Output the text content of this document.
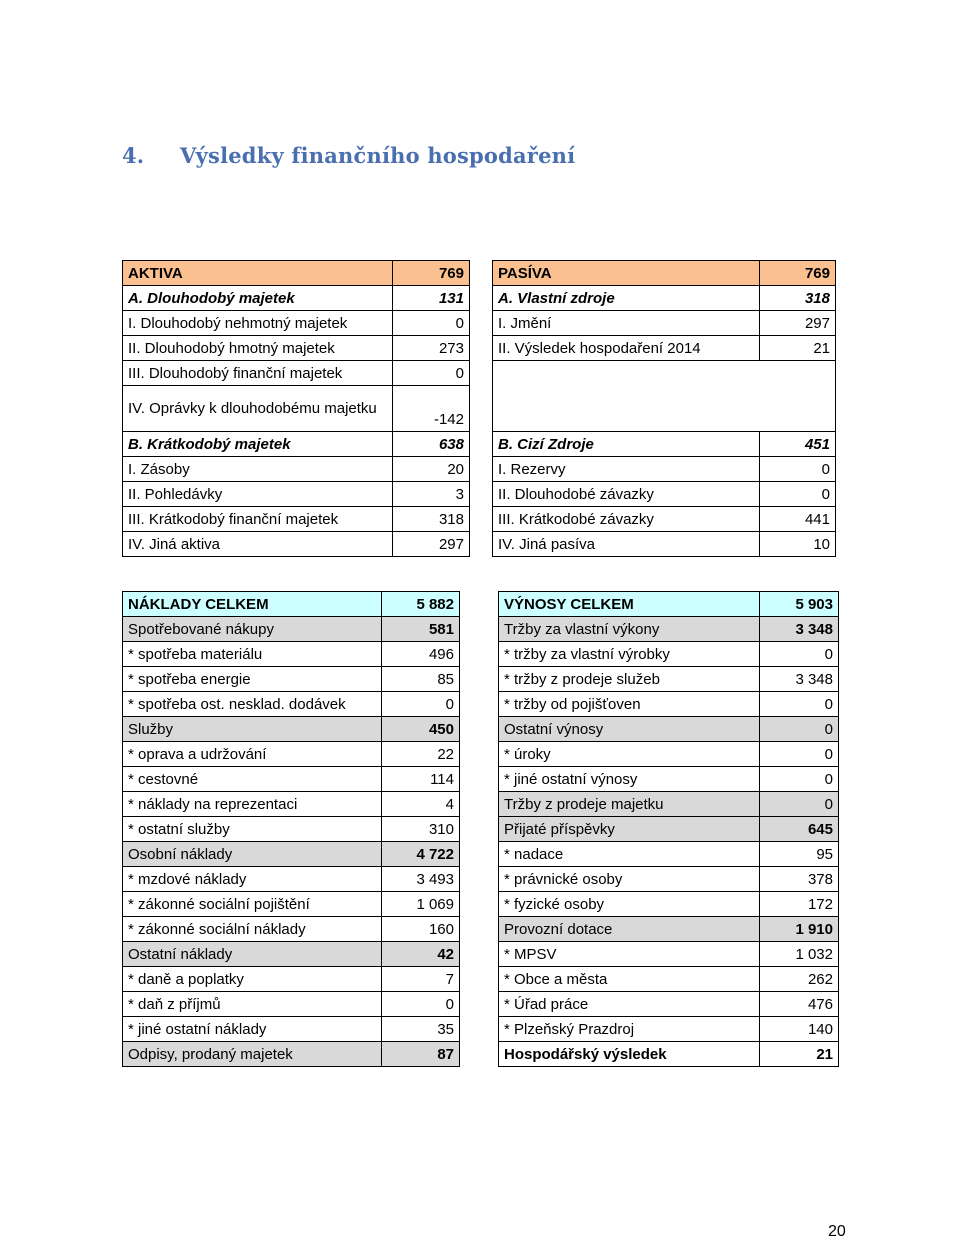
4. Výsledky finančního hospodaření
AKTIVA	769		PASÍVA	769
A. Dlouhodobý majetek	131		A. Vlastní zdroje	318
I. Dlouhodobý nehmotný majetek	0		I. Jmění	297
II. Dlouhodobý hmotný majetek	273		II. Výsledek hospodaření 2014	21
III. Dlouhodobý finanční majetek	0			
IV. Oprávky k dlouhodobému majetku	-142			
B. Krátkodobý majetek	638		B. Cizí Zdroje	451
I. Zásoby	20		I. Rezervy	0
II. Pohledávky	3		II. Dlouhodobé závazky	0
III. Krátkodobý finanční majetek	318		III. Krátkodobé závazky	441
IV. Jiná aktiva	297		IV. Jiná pasíva	10
NÁKLADY CELKEM	5 882		VÝNOSY CELKEM	5 903
Spotřebované nákupy	581		Tržby za vlastní výkony	3 348
* spotřeba materiálu	496		* tržby za vlastní výrobky	0
* spotřeba energie	85		* tržby z prodeje služeb	3 348
* spotřeba ost. nesklad. dodávek	0		* tržby od pojišťoven	0
Služby	450		Ostatní výnosy	0
* oprava a udržování	22		* úroky	0
* cestovné	114		* jiné ostatní výnosy	0
* náklady na reprezentaci	4		Tržby z prodeje majetku	0
* ostatní služby	310		Přijaté příspěvky	645
Osobní náklady	4 722		* nadace	95
* mzdové náklady	3 493		* právnické osoby	378
* zákonné sociální pojištění	1 069		* fyzické osoby	172
* zákonné sociální náklady	160		Provozní dotace	1 910
Ostatní náklady	42		* MPSV	1 032
* daně a poplatky	7		* Obce a města	262
* daň z příjmů	0		* Úřad práce	476
* jiné ostatní náklady	35		* Plzeňský Prazdroj	140
Odpisy, prodaný majetek	87		Hospodářský výsledek	21
20
